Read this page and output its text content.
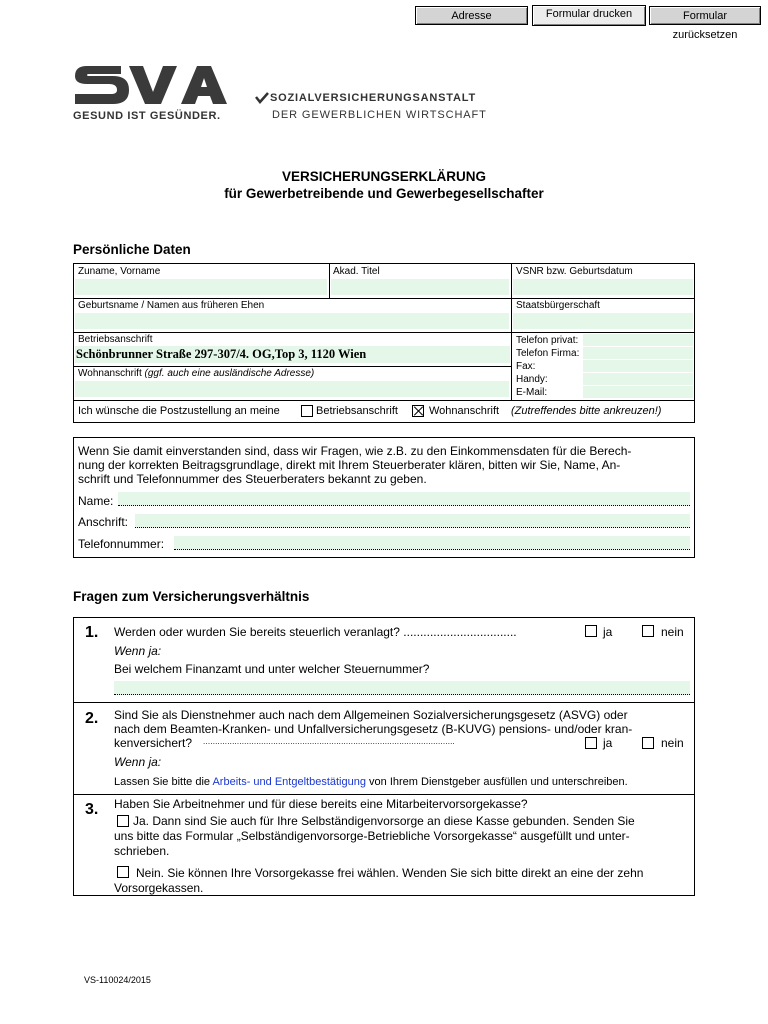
Adresse	Formular drucken	Formular zurücksetzen
GESUND IST GESÜNDER.
SOZIALVERSICHERUNGSANSTALT
DER GEWERBLICHEN WIRTSCHAFT
VERSICHERUNGSERKLÄRUNG
für Gewerbetreibende und Gewerbegesellschafter
Persönliche Daten
Zuname, Vorname	Akad. Titel	VSNR bzw. Geburtsdatum
Geburtsname / Namen aus früheren Ehen	Staatsbürgerschaft
Betriebsanschrift
Schönbrunner Straße 297-307/4. OG,Top 3, 1120 Wien
Wohnanschrift (ggf. auch eine ausländische Adresse)
Telefon privat:
Telefon Firma:
Fax:
Handy:
E-Mail:
Ich wünsche die Postzustellung an meine	Betriebsanschrift	Wohnanschrift (Zutreffendes bitte ankreuzen!)
Wenn Sie damit einverstanden sind, dass wir Fragen, wie z.B. zu den Einkommensdaten für die Berech-
nung der korrekten Beitragsgrundlage, direkt mit Ihrem Steuerberater klären, bitten wir Sie, Name, An-
schrift und Telefonnummer des Steuerberaters bekannt zu geben.
Name:
Anschrift:
Telefonnummer:
Fragen zum Versicherungsverhältnis
1. Werden oder wurden Sie bereits steuerlich veranlagt? ..................................	ja	nein
Wenn ja:
Bei welchem Finanzamt und unter welcher Steuernummer?
2. Sind Sie als Dienstnehmer auch nach dem Allgemeinen Sozialversicherungsgesetz (ASVG) oder
nach dem Beamten-Kranken- und Unfallversicherungsgesetz (B-KUVG) pensions- und/oder kran-
kenversichert? ........................................................................................................	ja	nein
Wenn ja:
Lassen Sie bitte die Arbeits- und Entgeltbestätigung von Ihrem Dienstgeber ausfüllen und unterschreiben.
3. Haben Sie Arbeitnehmer und für diese bereits eine Mitarbeitervorsorgekasse?
Ja. Dann sind Sie auch für Ihre Selbständigenvorsorge an diese Kasse gebunden. Senden Sie
uns bitte das Formular „Selbständigenvorsorge-Betriebliche Vorsorgekasse“ ausgefüllt und unter-
schrieben.
Nein. Sie können Ihre Vorsorgekasse frei wählen. Wenden Sie sich bitte direkt an eine der zehn
Vorsorgekassen.
VS-110024/2015
